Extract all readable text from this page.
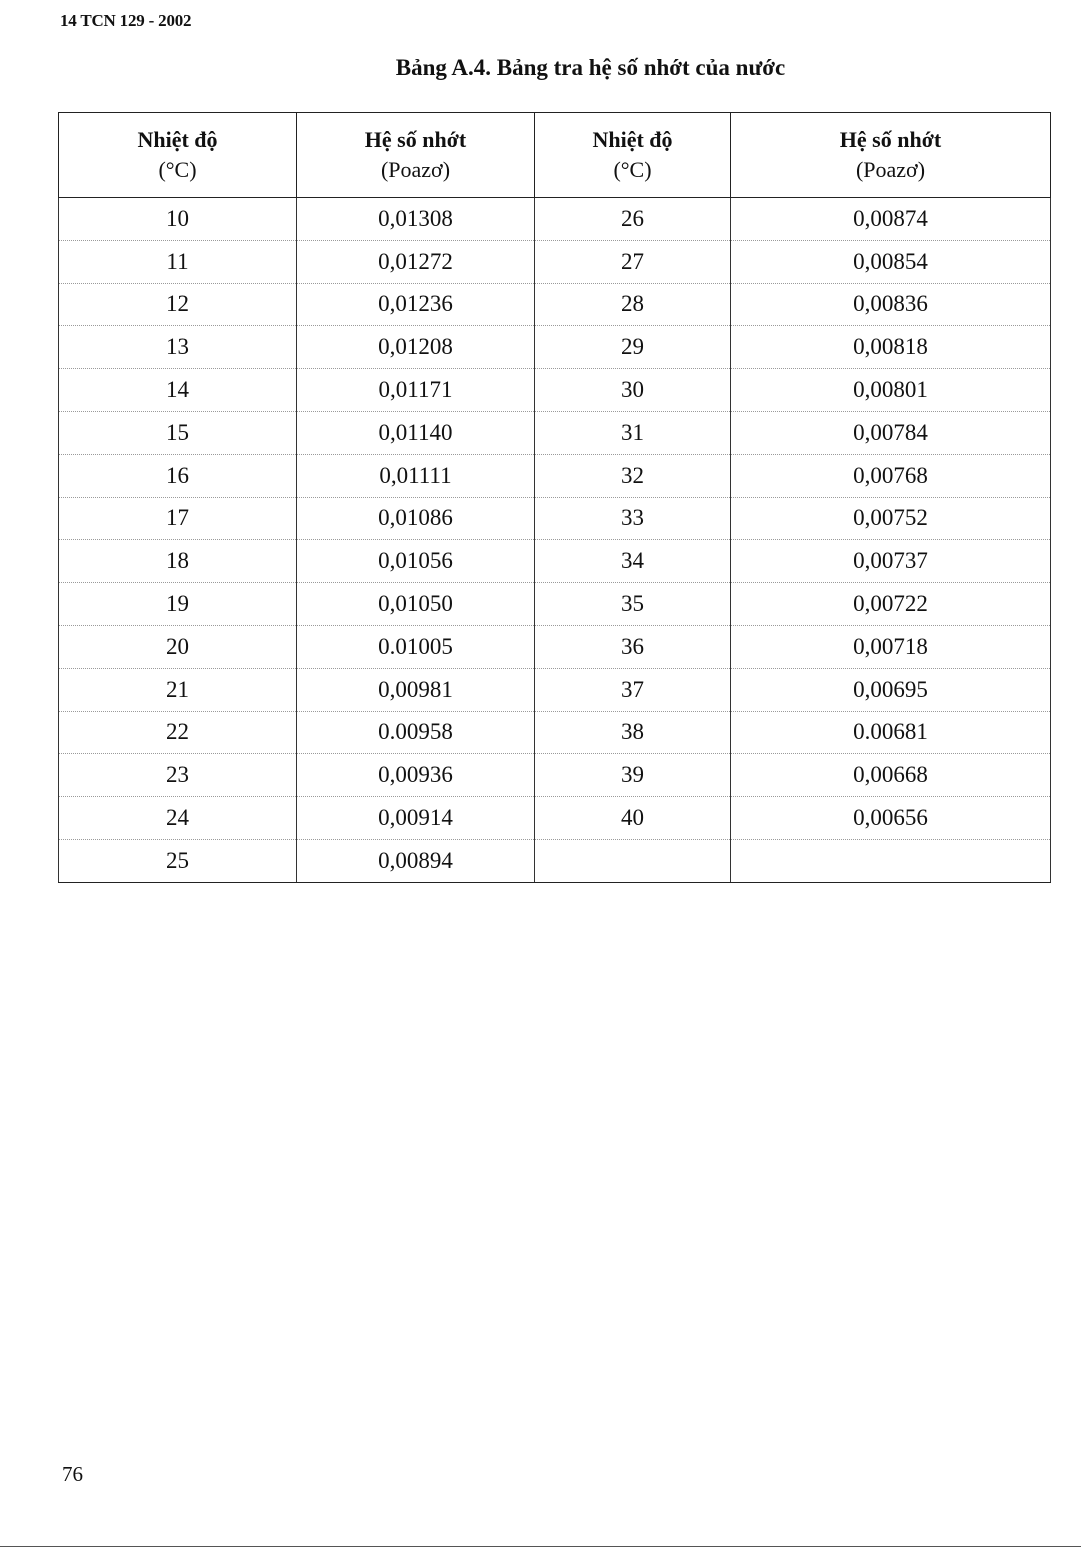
14 TCN 129 - 2002
Bảng A.4. Bảng tra hệ số nhớt của nước
Nhiệt độ
(°C)	Hệ số nhớt
(Poazơ)	Nhiệt độ
(°C)	Hệ số nhớt
(Poazơ)

10	0,01308	26	0,00874
11	0,01272	27	0,00854
12	0,01236	28	0,00836
13	0,01208	29	0,00818
14	0,01171	30	0,00801
15	0,01140	31	0,00784
16	0,01111	32	0,00768
17	0,01086	33	0,00752
18	0,01056	34	0,00737
19	0,01050	35	0,00722
20	0.01005	36	0,00718
21	0,00981	37	0,00695
22	0.00958	38	0.00681
23	0,00936	39	0,00668
24	0,00914	40	0,00656
25	0,00894		
76
